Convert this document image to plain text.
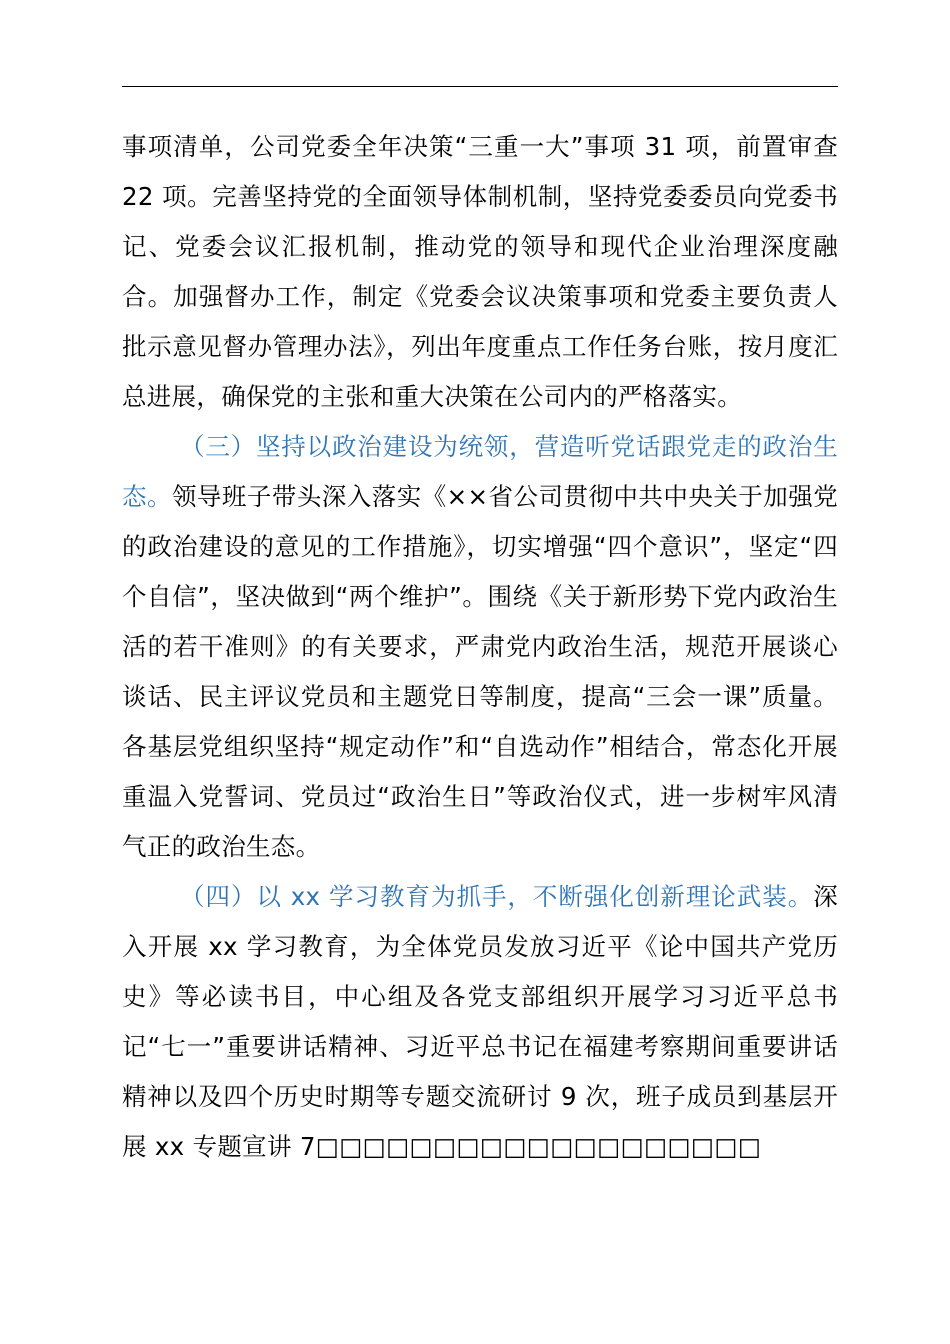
事项清单，公司党委全年决策“三重一大”事项 31 项，前置审查 22 项。完善坚持党的全面领导体制机制，坚持党委委员向党委书记、党委会议汇报机制，推动党的领导和现代企业治理深度融合。加强督办工作，制定《党委会议决策事项和党委主要负责人批示意见督办管理办法》，列出年度重点工作任务台账，按月度汇总进展，确保党的主张和重大决策在公司内的严格落实。

（三）坚持以政治建设为统领，营造听党话跟党走的政治生态。领导班子带头深入落实《××省公司贯彻中共中央关于加强党的政治建设的意见的工作措施》，切实增强“四个意识”，坚定“四个自信”，坚决做到“两个维护”。围绕《关于新形势下党内政治生活的若干准则》的有关要求，严肃党内政治生活，规范开展谈心谈话、民主评议党员和主题党日等制度，提高“三会一课”质量。各基层党组织坚持“规定动作”和“自选动作”相结合，常态化开展重温入党誓词、党员过“政治生日”等政治仪式，进一步树牢风清气正的政治生态。

（四）以 xx 学习教育为抓手，不断强化创新理论武装。深入开展 xx 学习教育，为全体党员发放习近平《论中国共产党历史》等必读书目，中心组及各党支部组织开展学习习近平总书记“七一”重要讲话精神、习近平总书记在福建考察期间重要讲话精神以及四个历史时期等专题交流研讨 9 次，班子成员到基层开展 xx 专题宣讲 7□□□□□□□□□□□□□□□□□□□
